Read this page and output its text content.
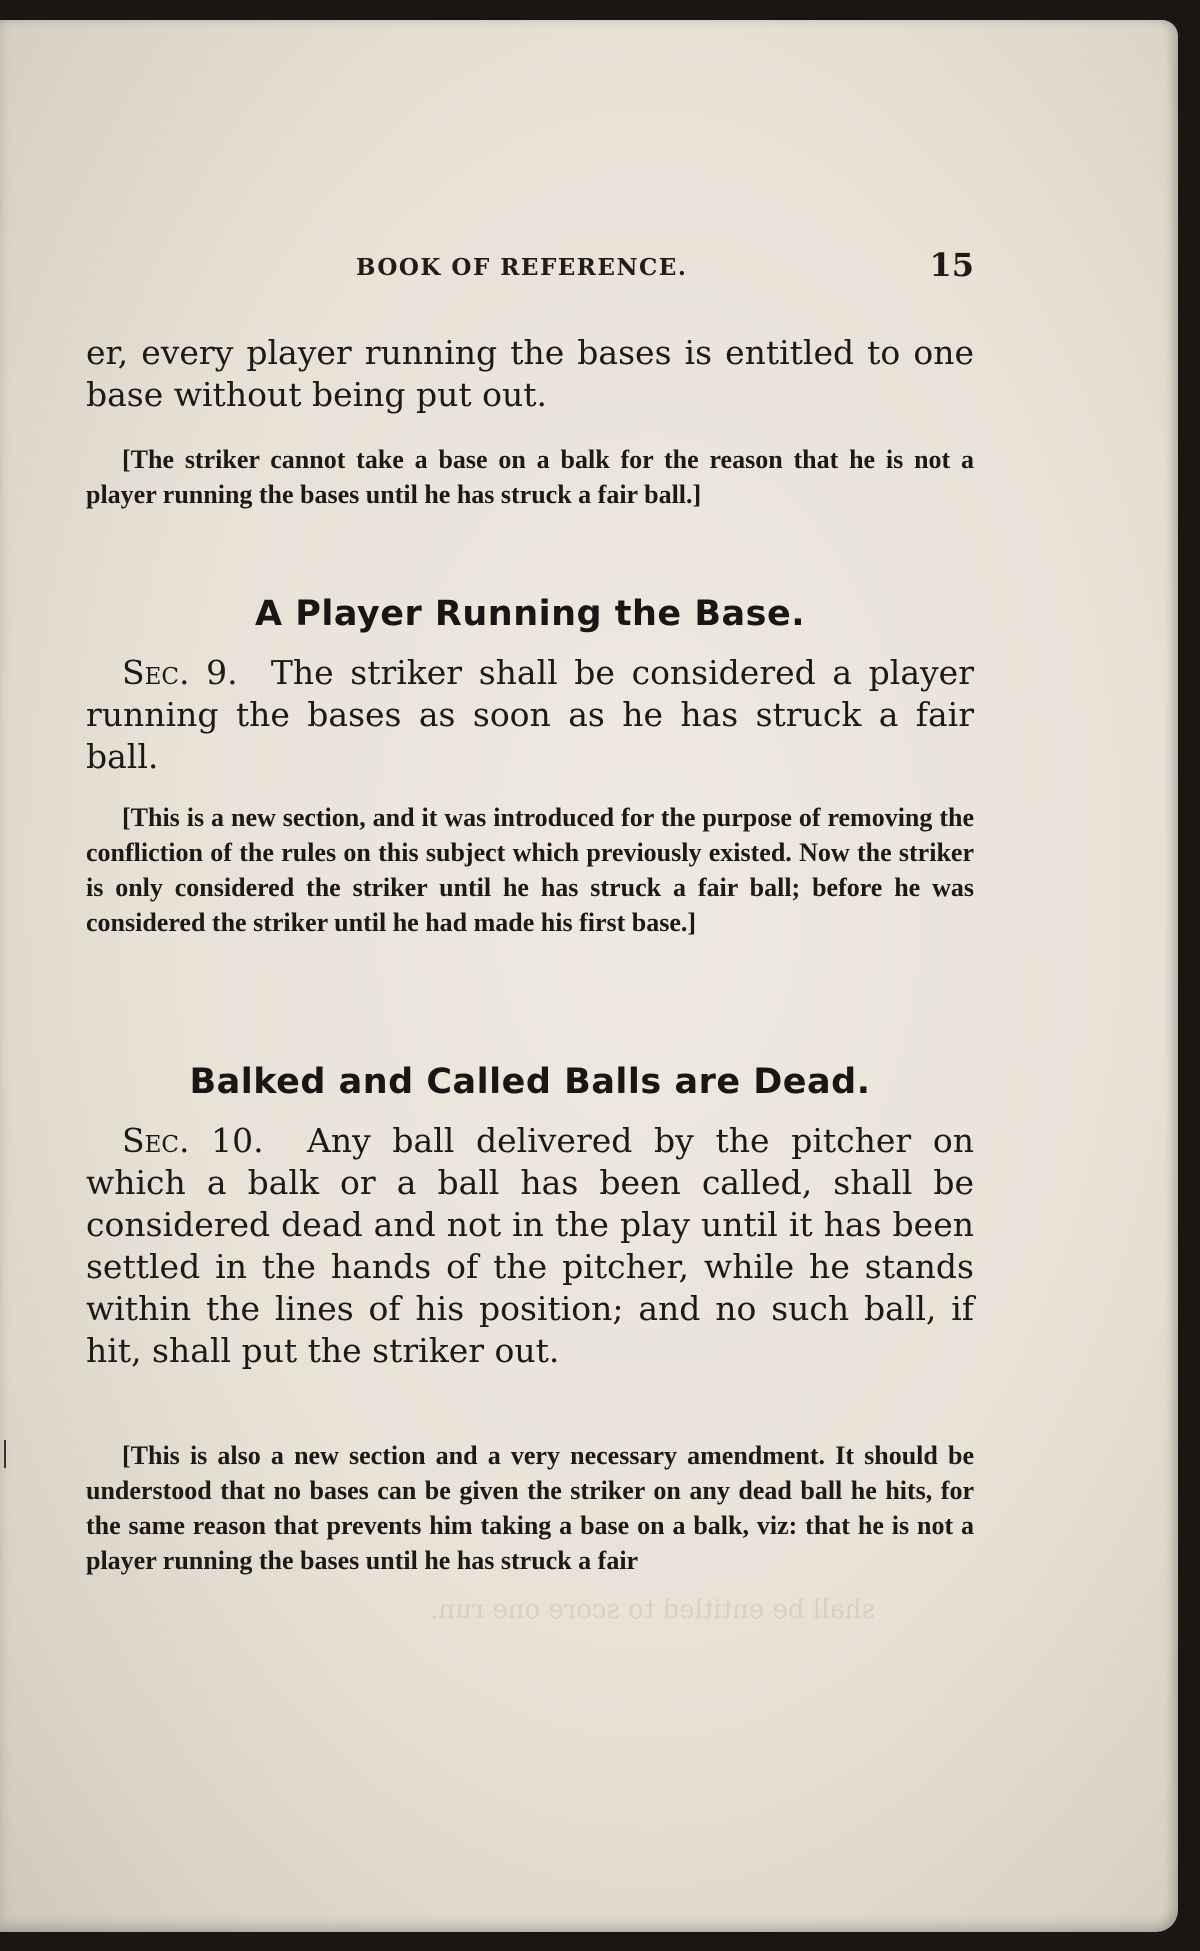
BOOK OF REFERENCE.	15

er, every player running the bases is entitled to one base without being put out.

[The striker cannot take a base on a balk for the reason that he is not a player running the bases until he has struck a fair ball.]

A Player Running the Base.

Sec. 9. The striker shall be considered a player running the bases as soon as he has struck a fair ball.

[This is a new section, and it was introduced for the purpose of removing the confliction of the rules on this subject which previously existed. Now the striker is only considered the striker until he has struck a fair ball; before he was considered the striker until he had made his first base.]

Balked and Called Balls are Dead.

Sec. 10. Any ball delivered by the pitcher on which a balk or a ball has been called, shall be considered dead and not in the play until it has been settled in the hands of the pitcher, while he stands within the lines of his position; and no such ball, if hit, shall put the striker out.

[This is also a new section and a very necessary amendment. It should be understood that no bases can be given the striker on any dead ball he hits, for the same reason that prevents him taking a base on a balk, viz: that he is not a player running the bases until he has struck a fair

shall be entitled to score one run.
